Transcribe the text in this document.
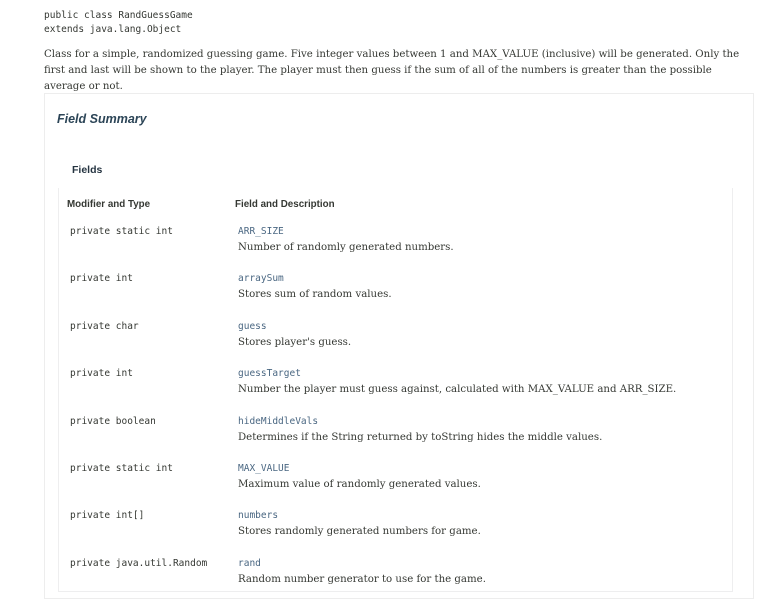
public class RandGuessGame
extends java.lang.Object
Class for a simple, randomized guessing game. Five integer values between 1 and MAX_VALUE (inclusive) will be generated. Only the first and last will be shown to the player. The player must then guess if the sum of all of the numbers is greater than the possible average or not.
Field Summary
Fields
Modifier and Type	Field and Description
private static int	ARR_SIZE
Number of randomly generated numbers.
private int	arraySum
Stores sum of random values.
private char	guess
Stores player's guess.
private int	guessTarget
Number the player must guess against, calculated with MAX_VALUE and ARR_SIZE.
private boolean	hideMiddleVals
Determines if the String returned by toString hides the middle values.
private static int	MAX_VALUE
Maximum value of randomly generated values.
private int[]	numbers
Stores randomly generated numbers for game.
private java.util.Random	rand
Random number generator to use for the game.
